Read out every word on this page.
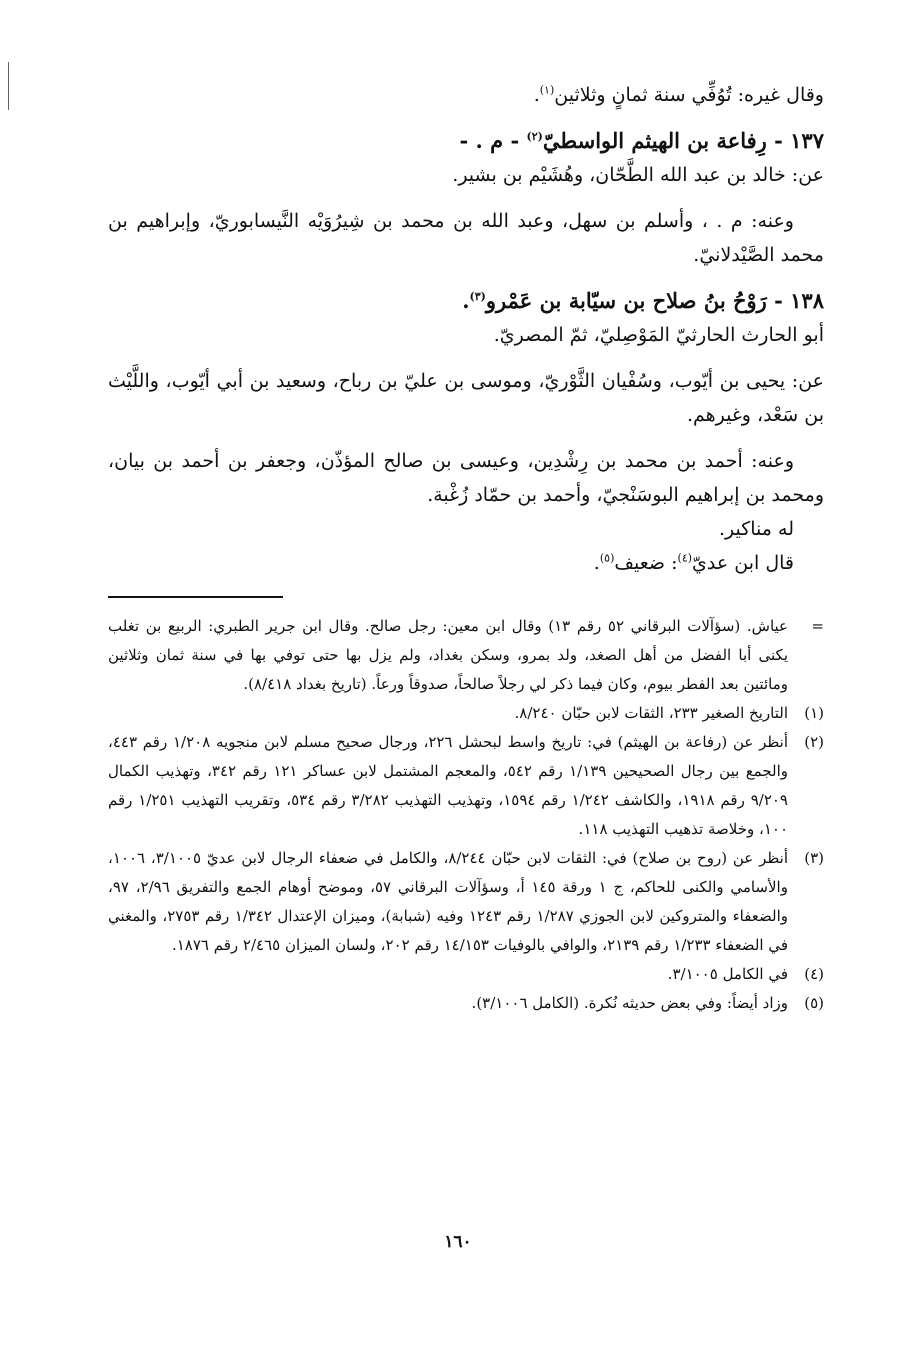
وقال غيره: تُوُفِّي سنة ثمانٍ وثلاثين$^{(١)}$.

١٣٧ - رِفاعة بن الهيثم الواسطيّ$^{(٢)}$ - م . -

عن: خالد بن عبد الله الطَّحّان، وهُشَيْم بن بشير.

وعنه: م . ، وأسلم بن سهل، وعبد الله بن محمد بن شِيرُوَيْه النَّيسابوريّ، وإبراهيم بن محمد الصَّيْدلانيّ.

١٣٨ - رَوْحُ بنُ صلاح بن سيّابة بن عَمْرو$^{(٣)}$.

أبو الحارث الحارثيّ المَوْصِليّ، ثمّ المصريّ.

عن: يحيى بن أيّوب، وسُفْيان الثَّوْريّ، وموسى بن عليّ بن رباح، وسعيد بن أبي أيّوب، واللَّيْث بن سَعْد، وغيرهم.

وعنه: أحمد بن محمد بن رِشْدِين، وعيسى بن صالح المؤذّن، وجعفر بن أحمد بن بيان، ومحمد بن إبراهيم البوسَنْجيّ، وأحمد بن حمّاد زُغْبة.

له مناكير.

قال ابن عديّ$^{(٤)}$: ضعيف$^{(٥)}$.

=
عياش. (سؤآلات البرقاني ٥٢ رقم ١٣) وقال ابن معين: رجل صالح. وقال ابن جرير الطبري: الربيع بن تغلب يكنى أبا الفضل من أهل الصغد، ولد بمرو، وسكن بغداد، ولم يزل بها حتى توفي بها في سنة ثمان وثلاثين ومائتين بعد الفطر بيوم، وكان فيما ذكر لي رجلاً صالحاً، صدوقاً ورعاً. (تاريخ بغداد ٨/٤١٨).
(١)
التاريخ الصغير ٢٣٣، الثقات لابن حبّان ٨/٢٤٠.
(٢)
أنظر عن (رفاعة بن الهيثم) في: تاريخ واسط لبحشل ٢٢٦، ورجال صحيح مسلم لابن منجويه ١/٢٠٨ رقم ٤٤٣، والجمع بين رجال الصحيحين ١/١٣٩ رقم ٥٤٢، والمعجم المشتمل لابن عساكر ١٢١ رقم ٣٤٢، وتهذيب الكمال ٩/٢٠٩ رقم ١٩١٨، والكاشف ١/٢٤٢ رقم ١٥٩٤، وتهذيب التهذيب ٣/٢٨٢ رقم ٥٣٤، وتقريب التهذيب ١/٢٥١ رقم ١٠٠، وخلاصة تذهيب التهذيب ١١٨.
(٣)
أنظر عن (روح بن صلاح) في: الثقات لابن حبّان ٨/٢٤٤، والكامل في ضعفاء الرجال لابن عديّ ٣/١٠٠٥، ١٠٠٦، والأسامي والكنى للحاكم، ج ١ ورقة ١٤٥ أ، وسؤآلات البرقاني ٥٧، وموضح أوهام الجمع والتفريق ٢/٩٦، ٩٧، والضعفاء والمتروكين لابن الجوزي ١/٢٨٧ رقم ١٢٤٣ وفيه (شبابة)، وميزان الإعتدال ١/٣٤٢ رقم ٢٧٥٣، والمغني في الضعفاء ١/٢٣٣ رقم ٢١٣٩، والوافي بالوفيات ١٤/١٥٣ رقم ٢٠٢، ولسان الميزان ٢/٤٦٥ رقم ١٨٧٦.
(٤)
في الكامل ٣/١٠٠٥.
(٥)
وزاد أيضاً: وفي بعض حديثه نُكرة. (الكامل ٣/١٠٠٦).
١٦٠
